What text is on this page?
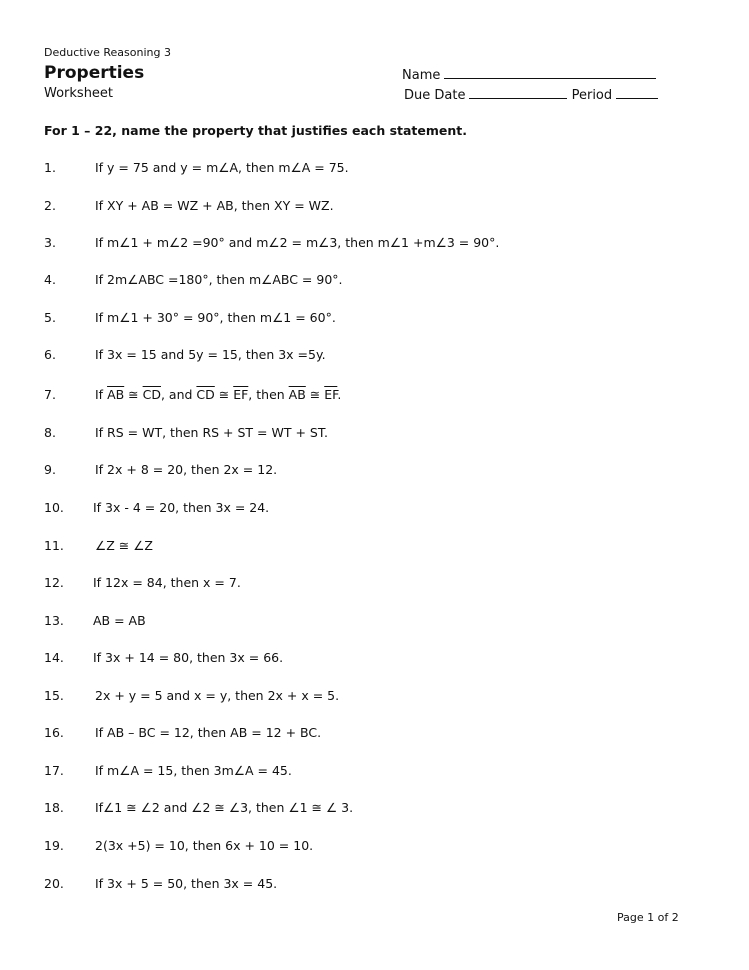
Deductive Reasoning 3
Properties
Worksheet
Name
Due Date	Period
For 1 – 22, name the property that justifies each statement.
1.	If y = 75 and y = m∠A, then m∠A = 75.
2.	If XY + AB = WZ + AB, then XY = WZ.
3.	If m∠1 + m∠2 =90° and m∠2 = m∠3, then m∠1 +m∠3 = 90°.
4.	If 2m∠ABC =180°, then m∠ABC = 90°.
5.	If m∠1 + 30° = 90°, then m∠1 = 60°.
6.	If 3x = 15 and 5y = 15, then 3x =5y.
7.	If $\overline{AB}$ ≅ $\overline{CD}$, and $\overline{CD}$ ≅ $\overline{EF}$, then $\overline{AB}$ ≅ $\overline{EF}$.
8.	If RS = WT, then RS + ST = WT + ST.
9.	If 2x + 8 = 20, then 2x = 12.
10. If 3x - 4 = 20, then 3x = 24.
11. ∠Z ≅ ∠Z
12. If 12x = 84, then x = 7.
13. AB = AB
14. If 3x + 14 = 80, then 3x = 66.
15. 2x + y = 5 and x = y, then 2x + x = 5.
16. If AB – BC = 12, then AB = 12 + BC.
17. If m∠A = 15, then 3m∠A = 45.
18. If∠1 ≅ ∠2 and ∠2 ≅ ∠3, then ∠1 ≅ ∠ 3.
19. 2(3x +5) = 10, then 6x + 10 = 10.
20. If 3x + 5 = 50, then 3x = 45.
Page 1 of 2
